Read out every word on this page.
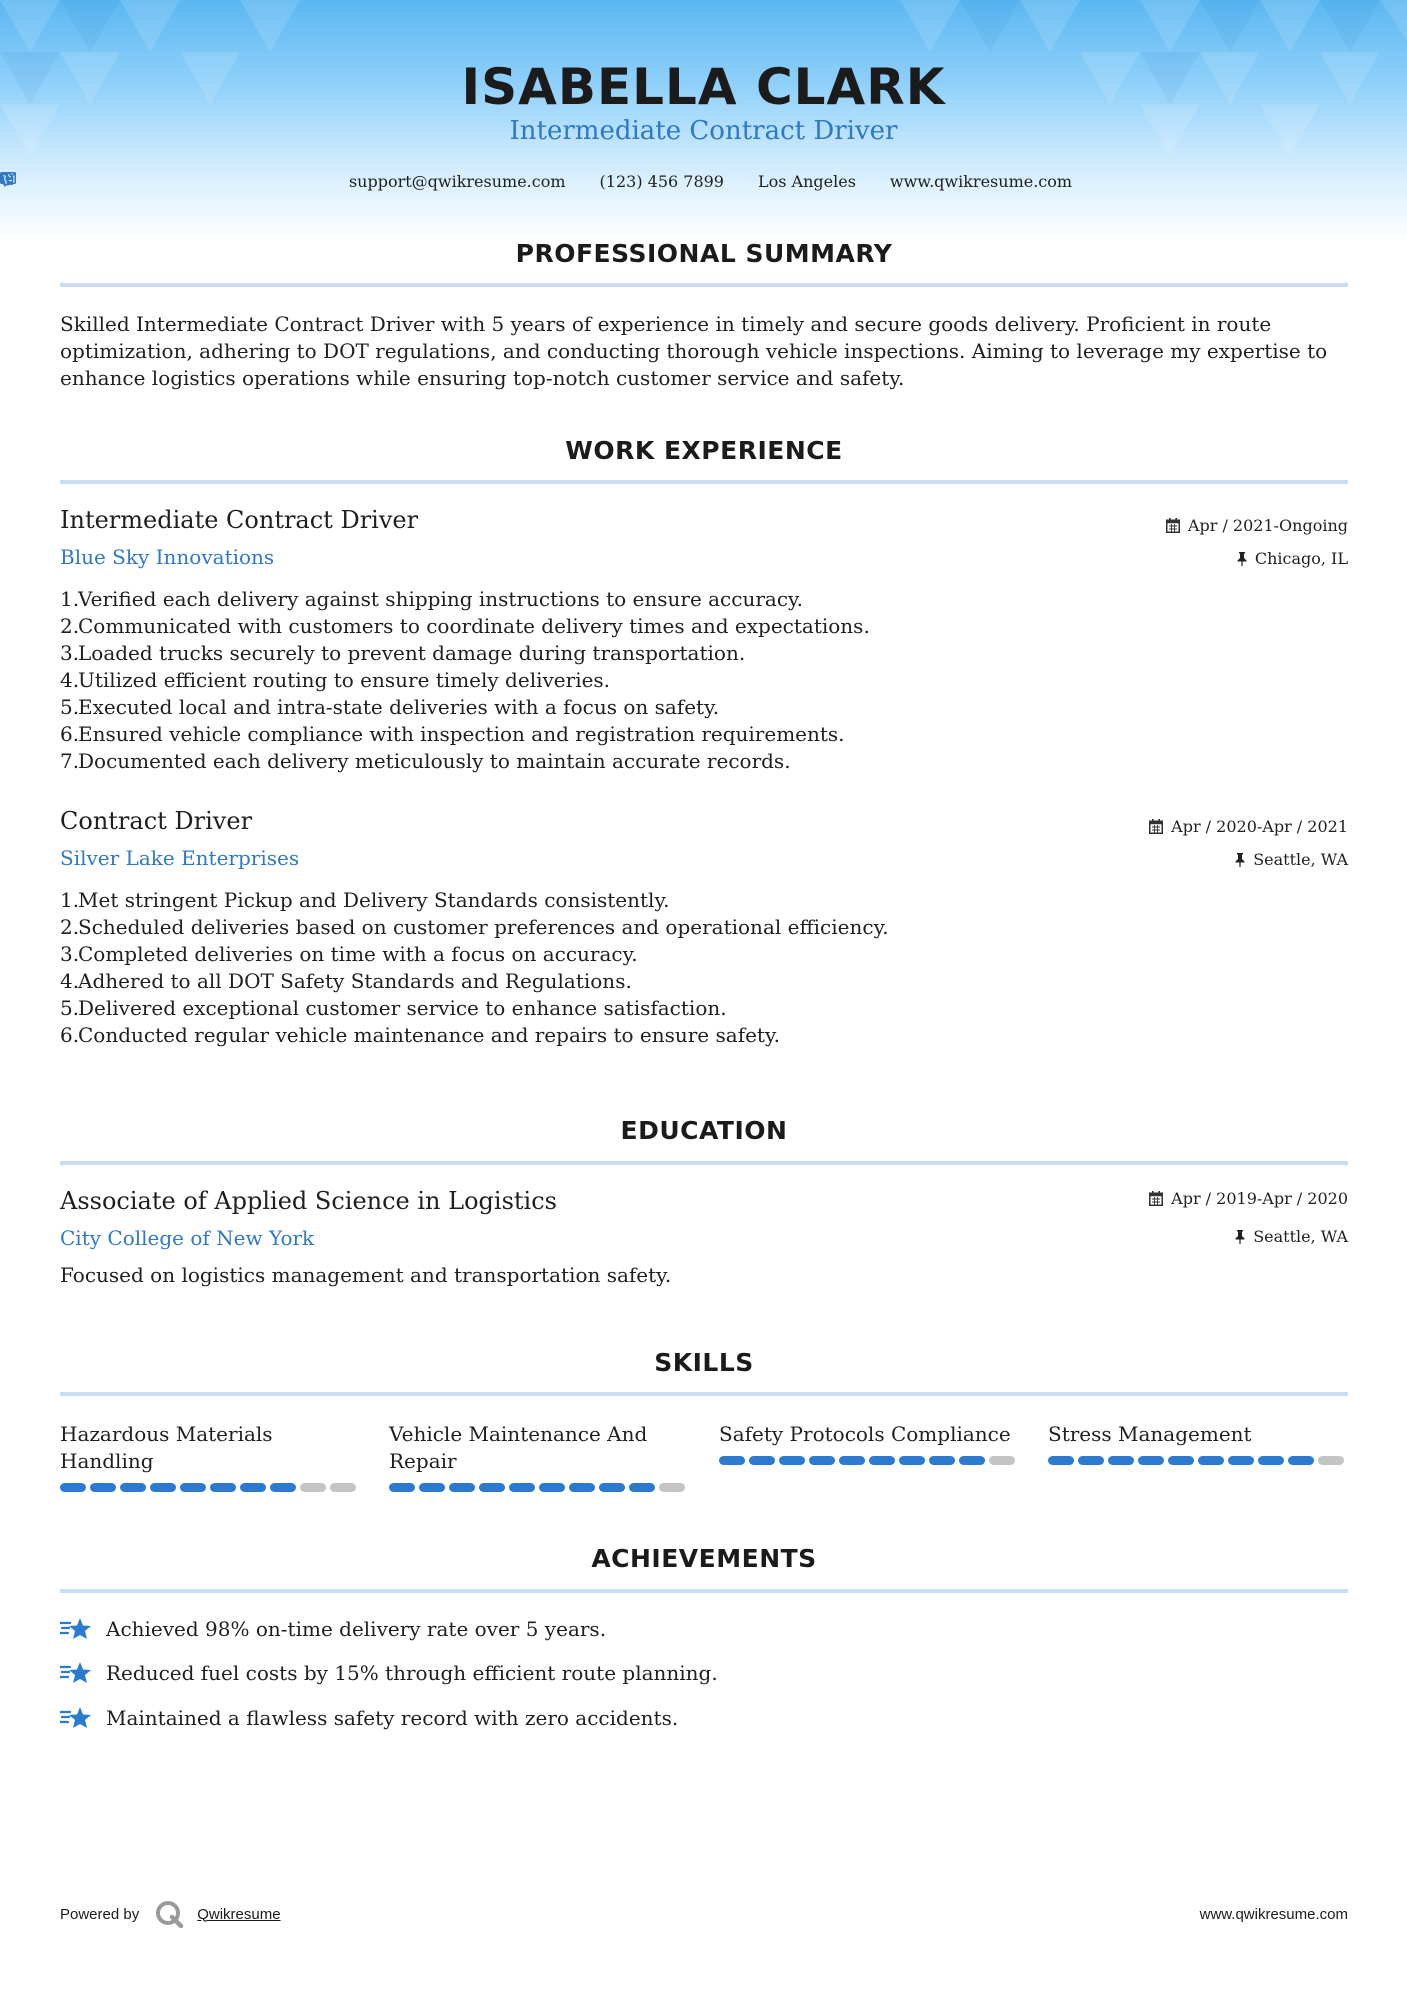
ISABELLA CLARK
Intermediate Contract Driver
support@qwikresume.com (123) 456 7899 Los Angeles www.qwikresume.com
PROFESSIONAL SUMMARY
Skilled Intermediate Contract Driver with 5 years of experience in timely and secure goods delivery. Proficient in route
optimization, adhering to DOT regulations, and conducting thorough vehicle inspections. Aiming to leverage my expertise to
enhance logistics operations while ensuring top-notch customer service and safety.
WORK EXPERIENCE
Intermediate Contract Driver
Blue Sky Innovations
Apr / 2021-Ongoing
Chicago, IL
1.
Verified each delivery against shipping instructions to ensure accuracy.
2.
Communicated with customers to coordinate delivery times and expectations.
3.
Loaded trucks securely to prevent damage during transportation.
4.
Utilized efficient routing to ensure timely deliveries.
5.
Executed local and intra-state deliveries with a focus on safety.
6.
Ensured vehicle compliance with inspection and registration requirements.
7.
Documented each delivery meticulously to maintain accurate records.
Contract Driver
Silver Lake Enterprises
Apr / 2020-Apr / 2021
Seattle, WA
1.
Met stringent Pickup and Delivery Standards consistently.
2.
Scheduled deliveries based on customer preferences and operational efficiency.
3.
Completed deliveries on time with a focus on accuracy.
4.
Adhered to all DOT Safety Standards and Regulations.
5.
Delivered exceptional customer service to enhance satisfaction.
6.
Conducted regular vehicle maintenance and repairs to ensure safety.
EDUCATION
Associate of Applied Science in Logistics
City College of New York
Apr / 2019-Apr / 2020
Seattle, WA
Focused on logistics management and transportation safety.
SKILLS
Hazardous Materials
Handling
Vehicle Maintenance And
Repair
Safety Protocols Compliance	Stress Management
ACHIEVEMENTS
Achieved 98% on-time delivery rate over 5 years.
Reduced fuel costs by 15% through efficient route planning.
Maintained a flawless safety record with zero accidents.
Powered by	Qwikresume	www.qwikresume.com
